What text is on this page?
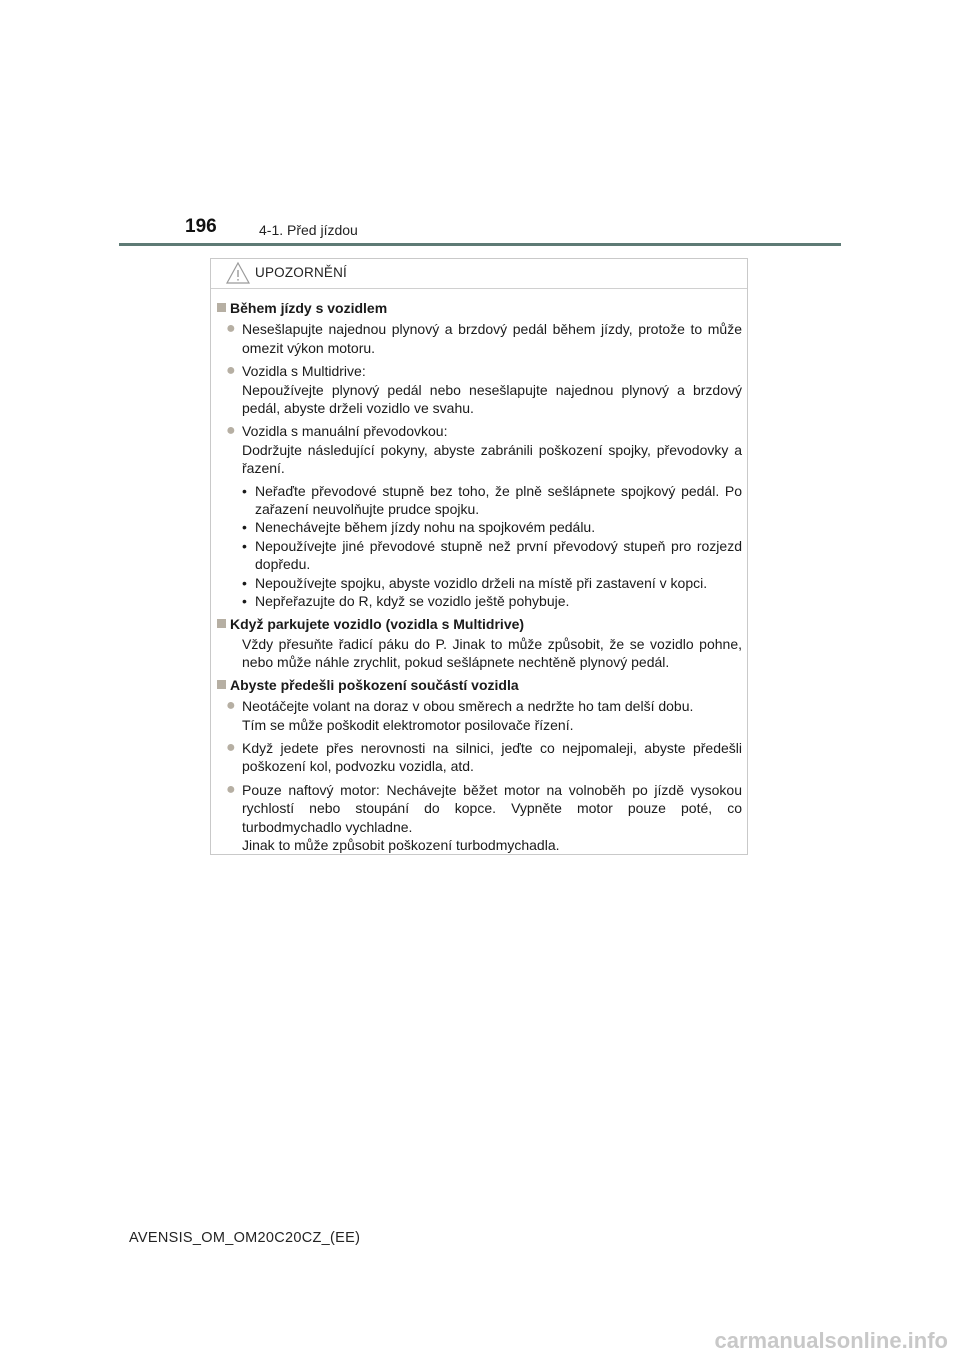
196	4-1. Před jízdou
UPOZORNĚNÍ
Během jízdy s vozidlem
● Nesešlapujte najednou plynový a brzdový pedál během jízdy, protože to může omezit výkon motoru.
● Vozidla s Multidrive:
Nepoužívejte plynový pedál nebo nesešlapujte najednou plynový a brzdový pedál, abyste drželi vozidlo ve svahu.
● Vozidla s manuální převodovkou:
Dodržujte následující pokyny, abyste zabránili poškození spojky, převodovky a řazení.
• Neřaďte převodové stupně bez toho, že plně sešlápnete spojkový pedál. Po zařazení neuvolňujte prudce spojku.
• Nenechávejte během jízdy nohu na spojkovém pedálu.
• Nepoužívejte jiné převodové stupně než první převodový stupeň pro rozjezd dopředu.
• Nepoužívejte spojku, abyste vozidlo drželi na místě při zastavení v kopci.
• Nepřeřazujte do R, když se vozidlo ještě pohybuje.
Když parkujete vozidlo (vozidla s Multidrive)
Vždy přesuňte řadicí páku do P. Jinak to může způsobit, že se vozidlo pohne, nebo může náhle zrychlit, pokud sešlápnete nechtěně plynový pedál.
Abyste předešli poškození součástí vozidla
● Neotáčejte volant na doraz v obou směrech a nedržte ho tam delší dobu.
Tím se může poškodit elektromotor posilovače řízení.
● Když jedete přes nerovnosti na silnici, jeďte co nejpomaleji, abyste předešli poškození kol, podvozku vozidla, atd.
● Pouze naftový motor: Nechávejte běžet motor na volnoběh po jízdě vysokou rychlostí nebo stoupání do kopce. Vypněte motor pouze poté, co turbodmychadlo vychladne.
Jinak to může způsobit poškození turbodmychadla.
AVENSIS_OM_OM20C20CZ_(EE)
carmanualsonline.info
